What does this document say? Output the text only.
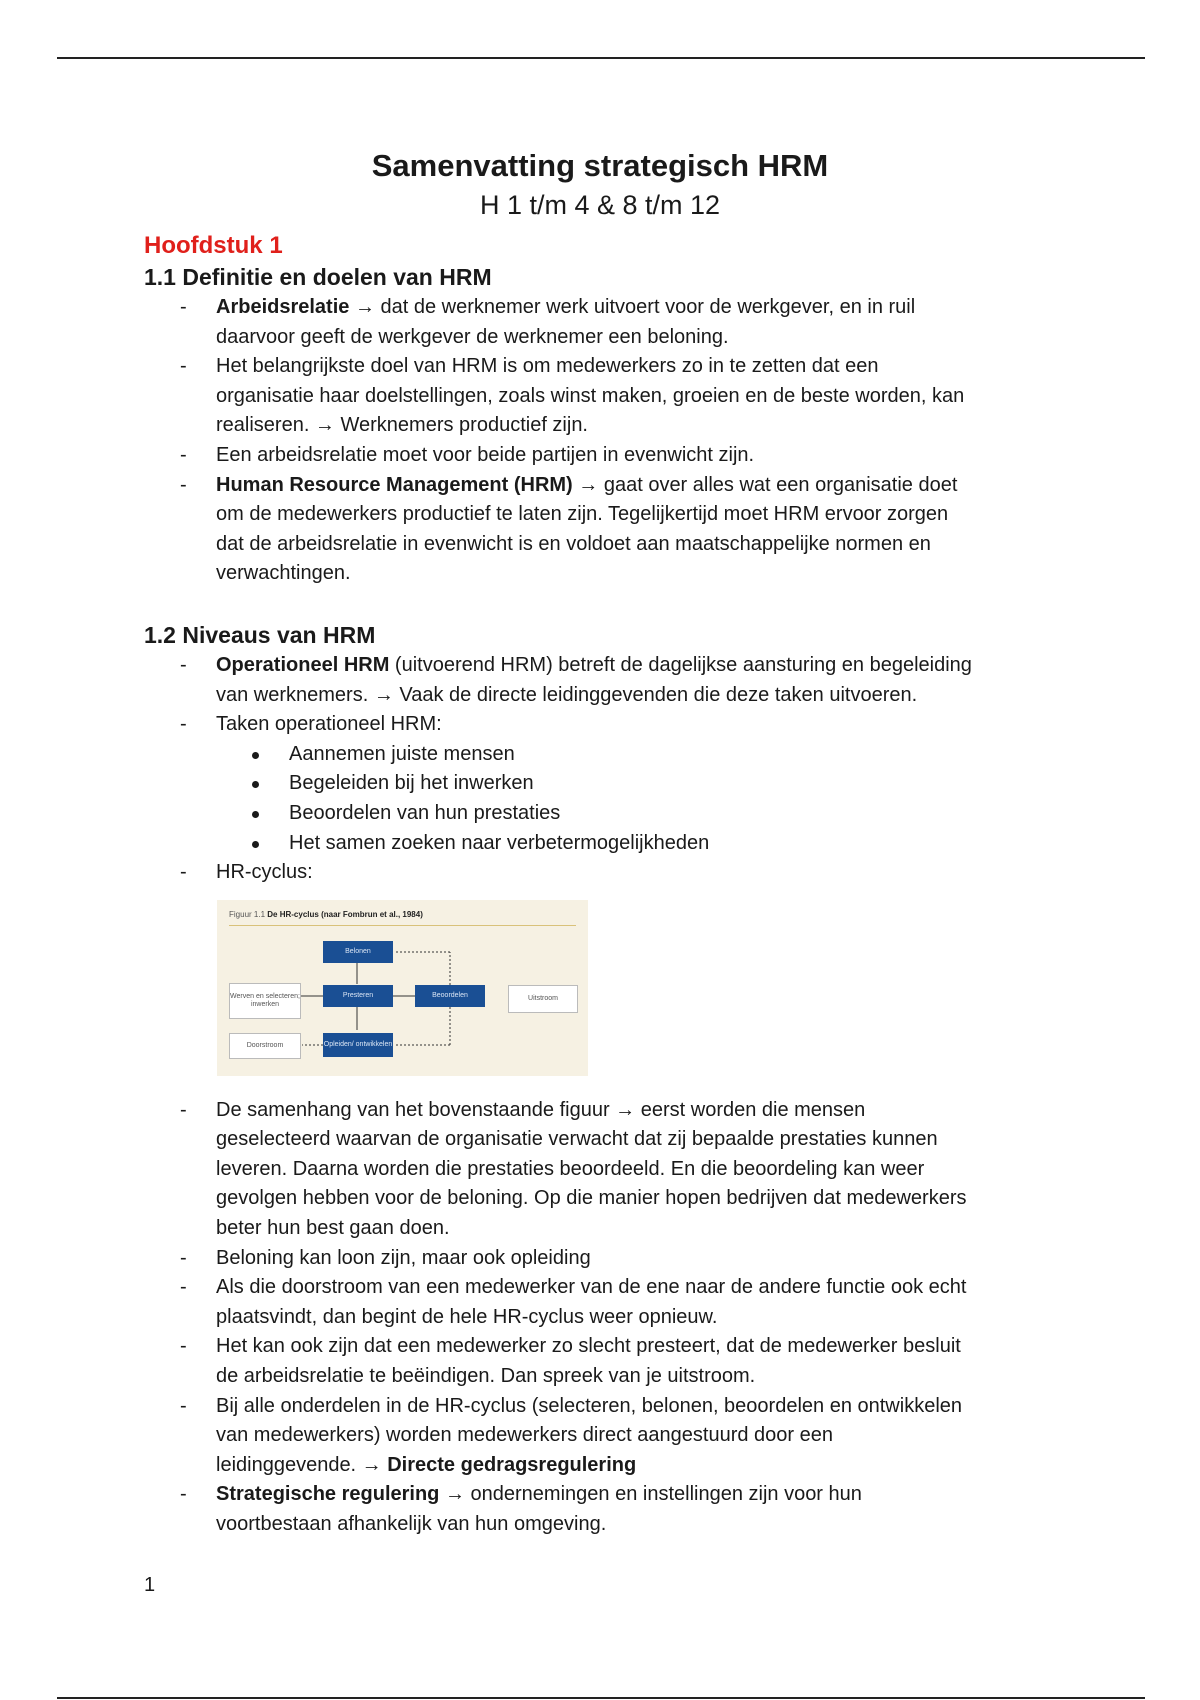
Samenvatting strategisch HRM
H 1 t/m 4 & 8 t/m 12
Hoofdstuk 1
1.1 Definitie en doelen van HRM
- Arbeidsrelatie → dat de werknemer werk uitvoert voor de werkgever, en in ruil
daarvoor geeft de werkgever de werknemer een beloning.
- Het belangrijkste doel van HRM is om medewerkers zo in te zetten dat een
organisatie haar doelstellingen, zoals winst maken, groeien en de beste worden, kan
realiseren. → Werknemers productief zijn.
- Een arbeidsrelatie moet voor beide partijen in evenwicht zijn.
- Human Resource Management (HRM) → gaat over alles wat een organisatie doet
om de medewerkers productief te laten zijn. Tegelijkertijd moet HRM ervoor zorgen
dat de arbeidsrelatie in evenwicht is en voldoet aan maatschappelijke normen en
verwachtingen.
1.2 Niveaus van HRM
- Operationeel HRM (uitvoerend HRM) betreft de dagelijkse aansturing en begeleiding
van werknemers. → Vaak de directe leidinggevenden die deze taken uitvoeren.
- Taken operationeel HRM:
Aannemen juiste mensen
Begeleiden bij het inwerken
Beoordelen van hun prestaties
Het samen zoeken naar verbetermogelijkheden
- HR-cyclus:
Figuur 1.1 De HR-cyclus (naar Fombrun et al., 1984)
Belonen
Presteren	Beoordelen	Uitstroom
Werven en selecteren; inwerken
Doorstroom	Opleiden/ ontwikkelen
- De samenhang van het bovenstaande figuur → eerst worden die mensen
geselecteerd waarvan de organisatie verwacht dat zij bepaalde prestaties kunnen
leveren. Daarna worden die prestaties beoordeeld. En die beoordeling kan weer
gevolgen hebben voor de beloning. Op die manier hopen bedrijven dat medewerkers
beter hun best gaan doen.
- Beloning kan loon zijn, maar ook opleiding
- Als die doorstroom van een medewerker van de ene naar de andere functie ook echt
plaatsvindt, dan begint de hele HR-cyclus weer opnieuw.
- Het kan ook zijn dat een medewerker zo slecht presteert, dat de medewerker besluit
de arbeidsrelatie te beëindigen. Dan spreek van je uitstroom.
- Bij alle onderdelen in de HR-cyclus (selecteren, belonen, beoordelen en ontwikkelen
van medewerkers) worden medewerkers direct aangestuurd door een
leidinggevende. → Directe gedragsregulering
- Strategische regulering → ondernemingen en instellingen zijn voor hun
voortbestaan afhankelijk van hun omgeving.
1
